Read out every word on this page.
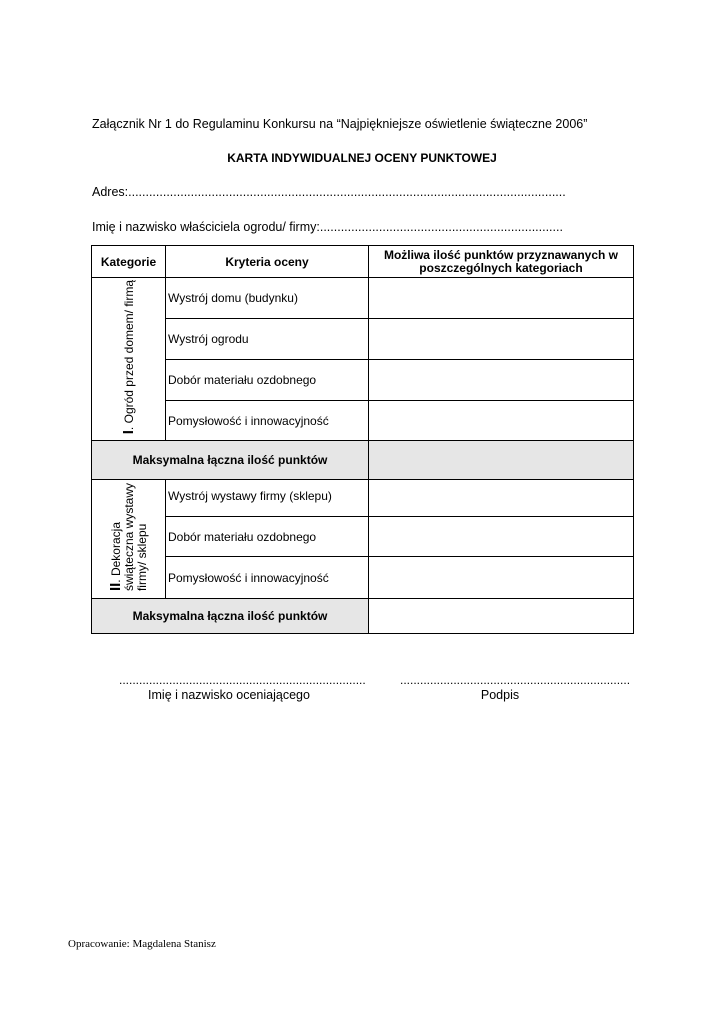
Załącznik Nr 1 do Regulaminu Konkursu na “Najpiękniejsze oświetlenie świąteczne 2006”
KARTA INDYWIDUALNEJ OCENY PUNKTOWEJ
Adres:..............................................................................................................................
Imię i nazwisko właściciela ogrodu/ firmy:......................................................................
Kategorie	Kryteria oceny	Możliwa ilość punktów przyznawanych w poszczególnych kategoriach
I. Ogród przed domem/ firmą	Wystrój domu (budynku)	
	Wystrój ogrodu	
	Dobór materiału ozdobnego	
	Pomysłowość i innowacyjność	
Maksymalna łączna ilość punktów		
II. Dekoracja
świąteczna wystawy
firmy/ sklepu	Wystrój wystawy firmy (sklepu)	
	Dobór materiału ozdobnego	
	Pomysłowość i innowacyjność	
Maksymalna łączna ilość punktów		
..........................................................................
Imię i nazwisko oceniającego
.....................................................................
Podpis
Opracowanie: Magdalena Stanisz
